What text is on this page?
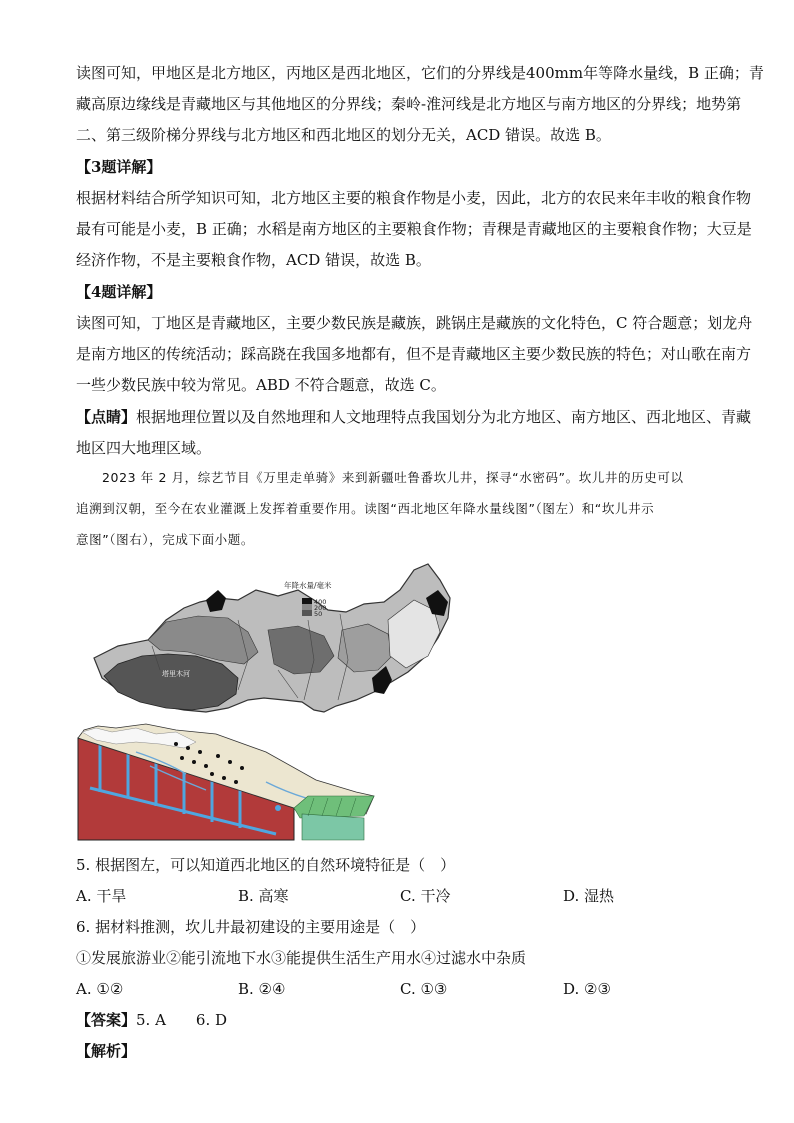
读图可知，甲地区是北方地区，丙地区是西北地区，它们的分界线是400mm年等降水量线，B 正确；青
藏高原边缘线是青藏地区与其他地区的分界线；秦岭-淮河线是北方地区与南方地区的分界线；地势第
二、第三级阶梯分界线与北方地区和西北地区的划分无关，ACD 错误。故选 B。
【3题详解】
根据材料结合所学知识可知，北方地区主要的粮食作物是小麦，因此，北方的农民来年丰收的粮食作物
最有可能是小麦，B 正确；水稻是南方地区的主要粮食作物；青稞是青藏地区的主要粮食作物；大豆是
经济作物，不是主要粮食作物，ACD 错误，故选 B。
【4题详解】
读图可知，丁地区是青藏地区，主要少数民族是藏族，跳锅庄是藏族的文化特色，C 符合题意；划龙舟
是南方地区的传统活动；踩高跷在我国多地都有，但不是青藏地区主要少数民族的特色；对山歌在南方
一些少数民族中较为常见。ABD 不符合题意，故选 C。
【点睛】根据地理位置以及自然地理和人文地理特点我国划分为北方地区、南方地区、西北地区、青藏
地区四大地理区域。
2023 年 2 月，综艺节目《万里走单骑》来到新疆吐鲁番坎儿井，探寻“水密码”。坎儿井的历史可以
追溯到汉朝，至今在农业灌溉上发挥着重要作用。读图“西北地区年降水量线图”（图左）和“坎儿井示
意图”（图右），完成下面小题。
塔里木河
年降水量/毫米
400
200
50
5. 根据图左，可以知道西北地区的自然环境特征是（　）
A. 干旱	B. 高寒	C. 干冷	D. 湿热
6. 据材料推测，坎儿井最初建设的主要用途是（　）
①发展旅游业②能引流地下水③能提供生活生产用水④过滤水中杂质
A. ①②	B. ②④	C. ①③	D. ②③
【答案】5. A　　6. D
【解析】
